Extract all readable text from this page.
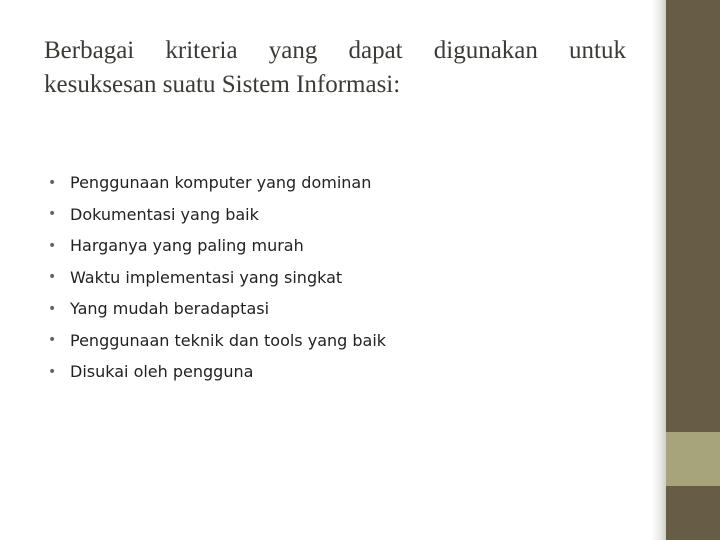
Berbagai kriteria yang dapat digunakan untuk
kesuksesan suatu Sistem Informasi:
• Penggunaan komputer yang dominan
• Dokumentasi yang baik
• Harganya yang paling murah
• Waktu implementasi yang singkat
• Yang mudah beradaptasi
• Penggunaan teknik dan tools yang baik
• Disukai oleh pengguna
